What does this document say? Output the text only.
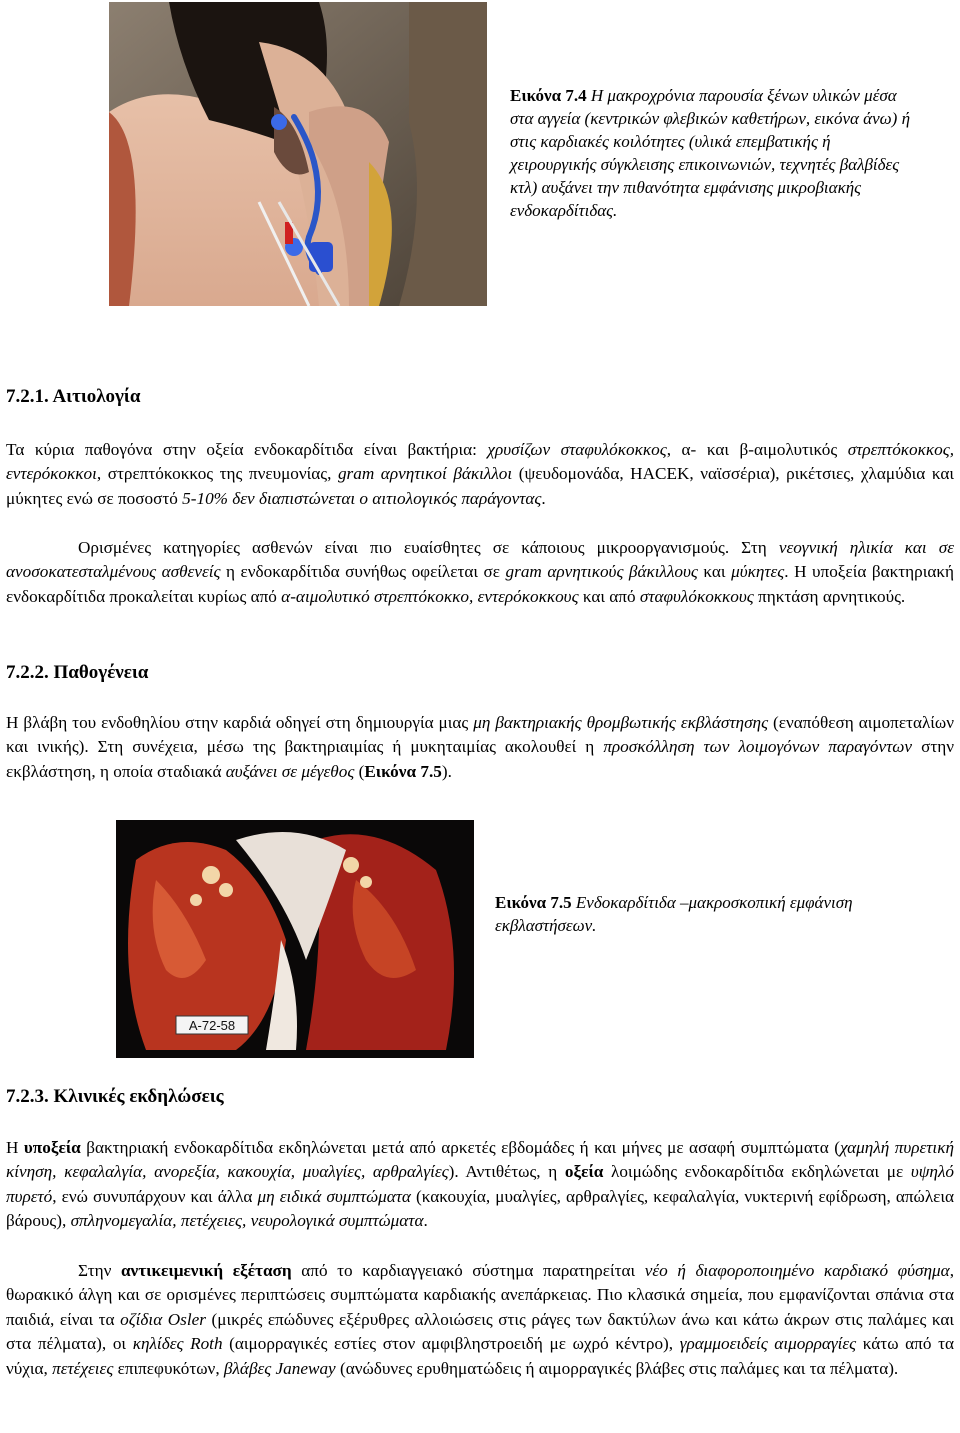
Εικόνα 7.4 Η μακροχρόνια παρουσία ξένων υλικών μέσα στα αγγεία (κεντρικών φλεβικών καθετήρων, εικόνα άνω) ή στις καρδιακές κοιλότητες (υλικά επεμβατικής ή χειρουργικής σύγκλεισης επικοινωνιών, τεχνητές βαλβίδες κτλ) αυξάνει την πιθανότητα εμφάνισης μικροβιακής ενδοκαρδίτιδας.
7.2.1. Αιτιολογία

Τα κύρια παθογόνα στην οξεία ενδοκαρδίτιδα είναι βακτήρια: χρυσίζων σταφυλόκοκκος, α- και β-αιμολυτικός στρεπτόκοκκος, εντερόκοκκοι, στρεπτόκοκκος της πνευμονίας, gram αρνητικοί βάκιλλοι (ψευδομονάδα, HACEK, ναϊσσέρια), ρικέτσιες, χλαμύδια και μύκητες ενώ σε ποσοστό 5-10% δεν διαπιστώνεται ο αιτιολογικός παράγοντας.

Ορισμένες κατηγορίες ασθενών είναι πιο ευαίσθητες σε κάποιους μικροοργανισμούς. Στη νεογνική ηλικία και σε ανοσοκατεσταλμένους ασθενείς η ενδοκαρδίτιδα συνήθως οφείλεται σε gram αρνητικούς βάκιλλους και μύκητες. Η υποξεία βακτηριακή ενδοκαρδίτιδα προκαλείται κυρίως από α-αιμολυτικό στρεπτόκοκκο, εντερόκοκκους και από σταφυλόκοκκους πηκτάση αρνητικούς.

7.2.2. Παθογένεια

Η βλάβη του ενδοθηλίου στην καρδιά οδηγεί στη δημιουργία μιας μη βακτηριακής θρομβωτικής εκβλάστησης (εναπόθεση αιμοπεταλίων και ινικής). Στη συνέχεια, μέσω της βακτηριαιμίας ή μυκηταιμίας ακολουθεί η προσκόλληση των λοιμογόνων παραγόντων στην εκβλάστηση, η οποία σταδιακά αυξάνει σε μέγεθος (Εικόνα 7.5).

A-72-58
Εικόνα 7.5 Ενδοκαρδίτιδα –μακροσκοπική εμφάνιση εκβλαστήσεων.
7.2.3. Κλινικές εκδηλώσεις

Η υποξεία βακτηριακή ενδοκαρδίτιδα εκδηλώνεται μετά από αρκετές εβδομάδες ή και μήνες με ασαφή συμπτώματα (χαμηλή πυρετική κίνηση, κεφαλαλγία, ανορεξία, κακουχία, μυαλγίες, αρθραλγίες). Αντιθέτως, η οξεία λοιμώδης ενδοκαρδίτιδα εκδηλώνεται με υψηλό πυρετό, ενώ συνυπάρχουν και άλλα μη ειδικά συμπτώματα (κακουχία, μυαλγίες, αρθραλγίες, κεφαλαλγία, νυκτερινή εφίδρωση, απώλεια βάρους), σπληνομεγαλία, πετέχειες, νευρολογικά συμπτώματα.

Στην αντικειμενική εξέταση από το καρδιαγγειακό σύστημα παρατηρείται νέο ή διαφοροποιημένο καρδιακό φύσημα, θωρακικό άλγη και σε ορισμένες περιπτώσεις συμπτώματα καρδιακής ανεπάρκειας. Πιο κλασικά σημεία, που εμφανίζονται σπάνια στα παιδιά, είναι τα οζίδια Osler (μικρές επώδυνες εξέρυθρες αλλοιώσεις στις ράγες των δακτύλων άνω και κάτω άκρων στις παλάμες και στα πέλματα), οι κηλίδες Roth (αιμορραγικές εστίες στον αμφιβληστροειδή με ωχρό κέντρο), γραμμοειδείς αιμορραγίες κάτω από τα νύχια, πετέχειες επιπεφυκότων, βλάβες Janeway (ανώδυνες ερυθηματώδεις ή αιμορραγικές βλάβες στις παλάμες και τα πέλματα).
